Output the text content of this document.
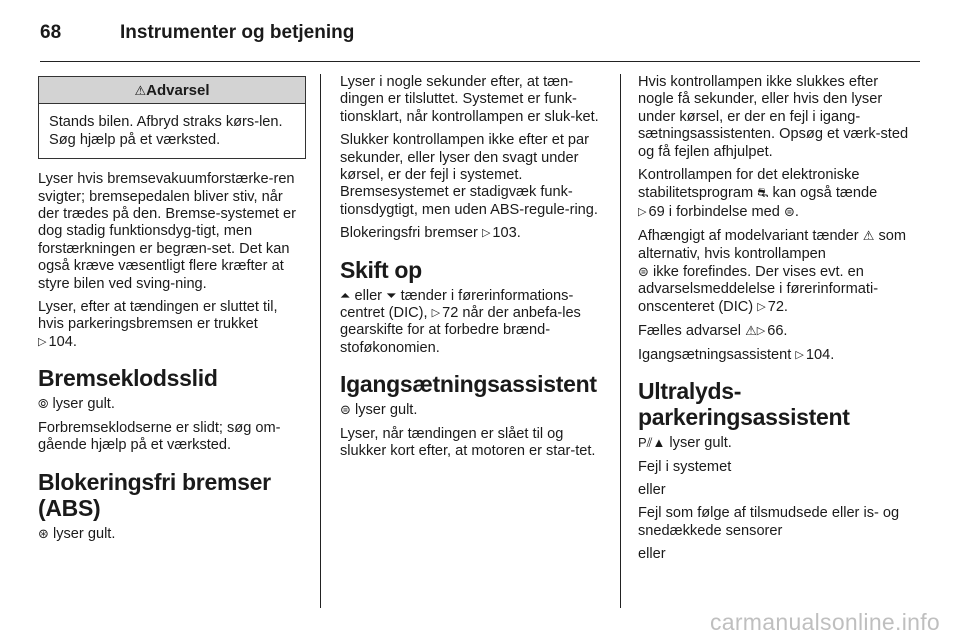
68	Instrumenter og betjening
⚠Advarsel
Stands bilen. Afbryd straks kørs-len. Søg hjælp på et værksted.

Lyser hvis bremsevakuumforstærke-ren svigter; bremsepedalen bliver stiv, når der trædes på den. Bremse-systemet er dog stadig funktionsdyg-tigt, men forstærkningen er begræn-set. Det kan også kræve væsentligt flere kræfter at styre bilen ved sving-ning.

Lyser, efter at tændingen er sluttet til, hvis parkeringsbremsen er trukket
▷ 104.

Bremseklodsslid

⦾ lyser gult.

Forbremseklodserne er slidt; søg om-gående hjælp på et værksted.

Blokeringsfri bremser (ABS)

⊛ lyser gult.

Lyser i nogle sekunder efter, at tæn-dingen er tilsluttet. Systemet er funk-tionsklart, når kontrollampen er sluk-ket.

Slukker kontrollampen ikke efter et par sekunder, eller lyser den svagt under kørsel, er der fejl i systemet. Bremsesystemet er stadigvæk funk-tionsdygtigt, men uden ABS-regule-ring.

Blokeringsfri bremser ▷ 103.

Skift op

⏶ eller ⏷ tænder i førerinformations-centret (DIC), ▷ 72 når der anbefa-les gearskifte for at forbedre brænd-stoføkonomien.

Igangsætningsassistent

⊜ lyser gult.

Lyser, når tændingen er slået til og slukker kort efter, at motoren er star-tet.

Hvis kontrollampen ikke slukkes efter nogle få sekunder, eller hvis den lyser under kørsel, er der en fejl i igang-sætningsassistenten. Opsøg et værk-sted og få fejlen afhjulpet.

Kontrollampen for det elektroniske stabilitetsprogram ⛐ kan også tænde
▷ 69 i forbindelse med ⊜.

Afhængigt af modelvariant tænder ⚠ som alternativ, hvis kontrollampen
⊜ ikke forefindes. Der vises evt. en advarselsmeddelelse i førerinformati-onscenteret (DIC) ▷ 72.

Fælles advarsel ⚠▷ 66.

Igangsætningsassistent ▷ 104.

Ultralyds-parkeringsassistent

P⫽▲ lyser gult.

Fejl i systemet

eller

Fejl som følge af tilsmudsede eller is- og snedækkede sensorer

eller

carmanualsonline.info
